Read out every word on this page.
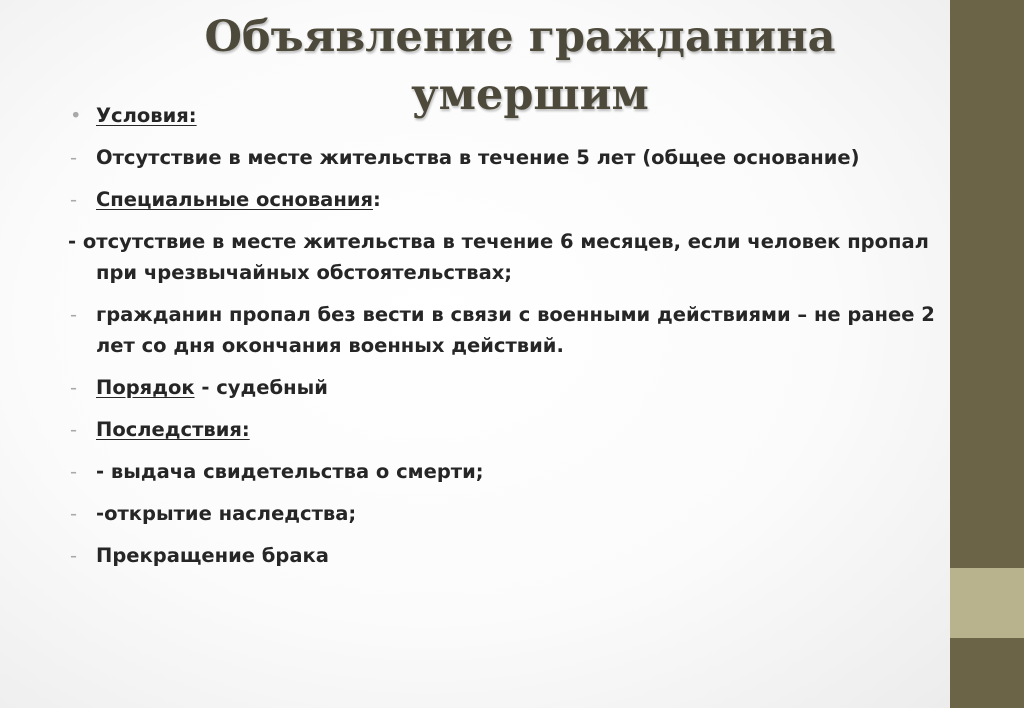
Объявление гражданина
умершим
• Условия:
- Отсутствие в месте жительства в течение 5 лет (общее основание)
- Специальные основания:
- отсутствие в месте жительства в течение 6 месяцев, если человек пропал при чрезвычайных обстоятельствах;
- гражданин пропал без вести в связи с военными действиями – не ранее 2 лет со дня окончания военных действий.
- Порядок - судебный
- Последствия:
- - выдача свидетельства о смерти;
- -открытие наследства;
- Прекращение брака
